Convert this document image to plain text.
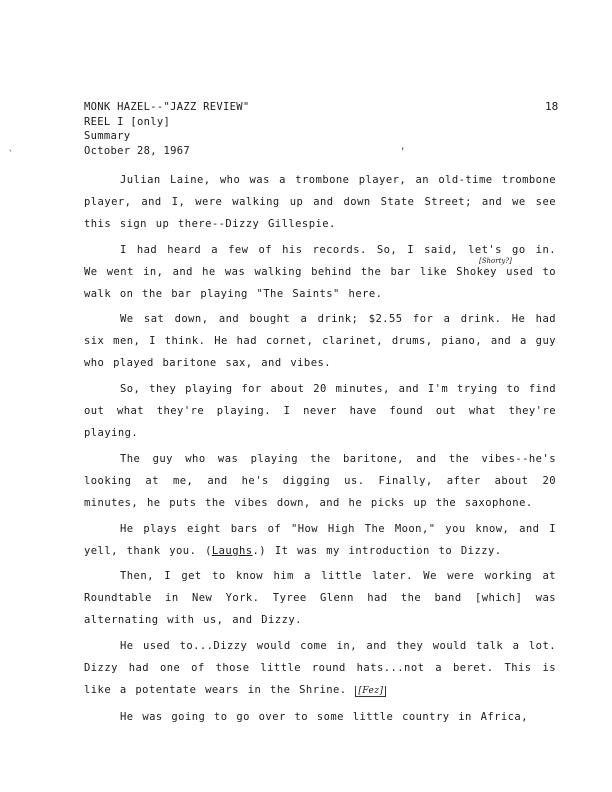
MONK HAZEL--"JAZZ REVIEW"
REEL I [only]
Summary
October 28, 1967
18
`
,
[Shorty?]

Julian Laine, who was a trombone player, an old-time trombone player, and I, were walking up and down State Street; and we see this sign up there--Dizzy Gillespie.

I had heard a few of his records. So, I said, let's go in. We went in, and he was walking behind the bar like Shokey used to walk on the bar playing "The Saints" here.

We sat down, and bought a drink; $2.55 for a drink. He had six men, I think. He had cornet, clarinet, drums, piano, and a guy who played baritone sax, and vibes.

So, they playing for about 20 minutes, and I'm trying to find out what they're playing. I never have found out what they're playing.

The guy who was playing the baritone, and the vibes--he's looking at me, and he's digging us. Finally, after about 20 minutes, he puts the vibes down, and he picks up the saxophone.

He plays eight bars of "How High The Moon," you know, and I yell, thank you. (Laughs.) It was my introduction to Dizzy.

Then, I get to know him a little later. We were working at Roundtable in New York. Tyree Glenn had the band [which] was alternating with us, and Dizzy.

He used to...Dizzy would come in, and they would talk a lot. Dizzy had one of those little round hats...not a beret. This is like a potentate wears in the Shrine. [Fez]

He was going to go over to some little country in Africa,
